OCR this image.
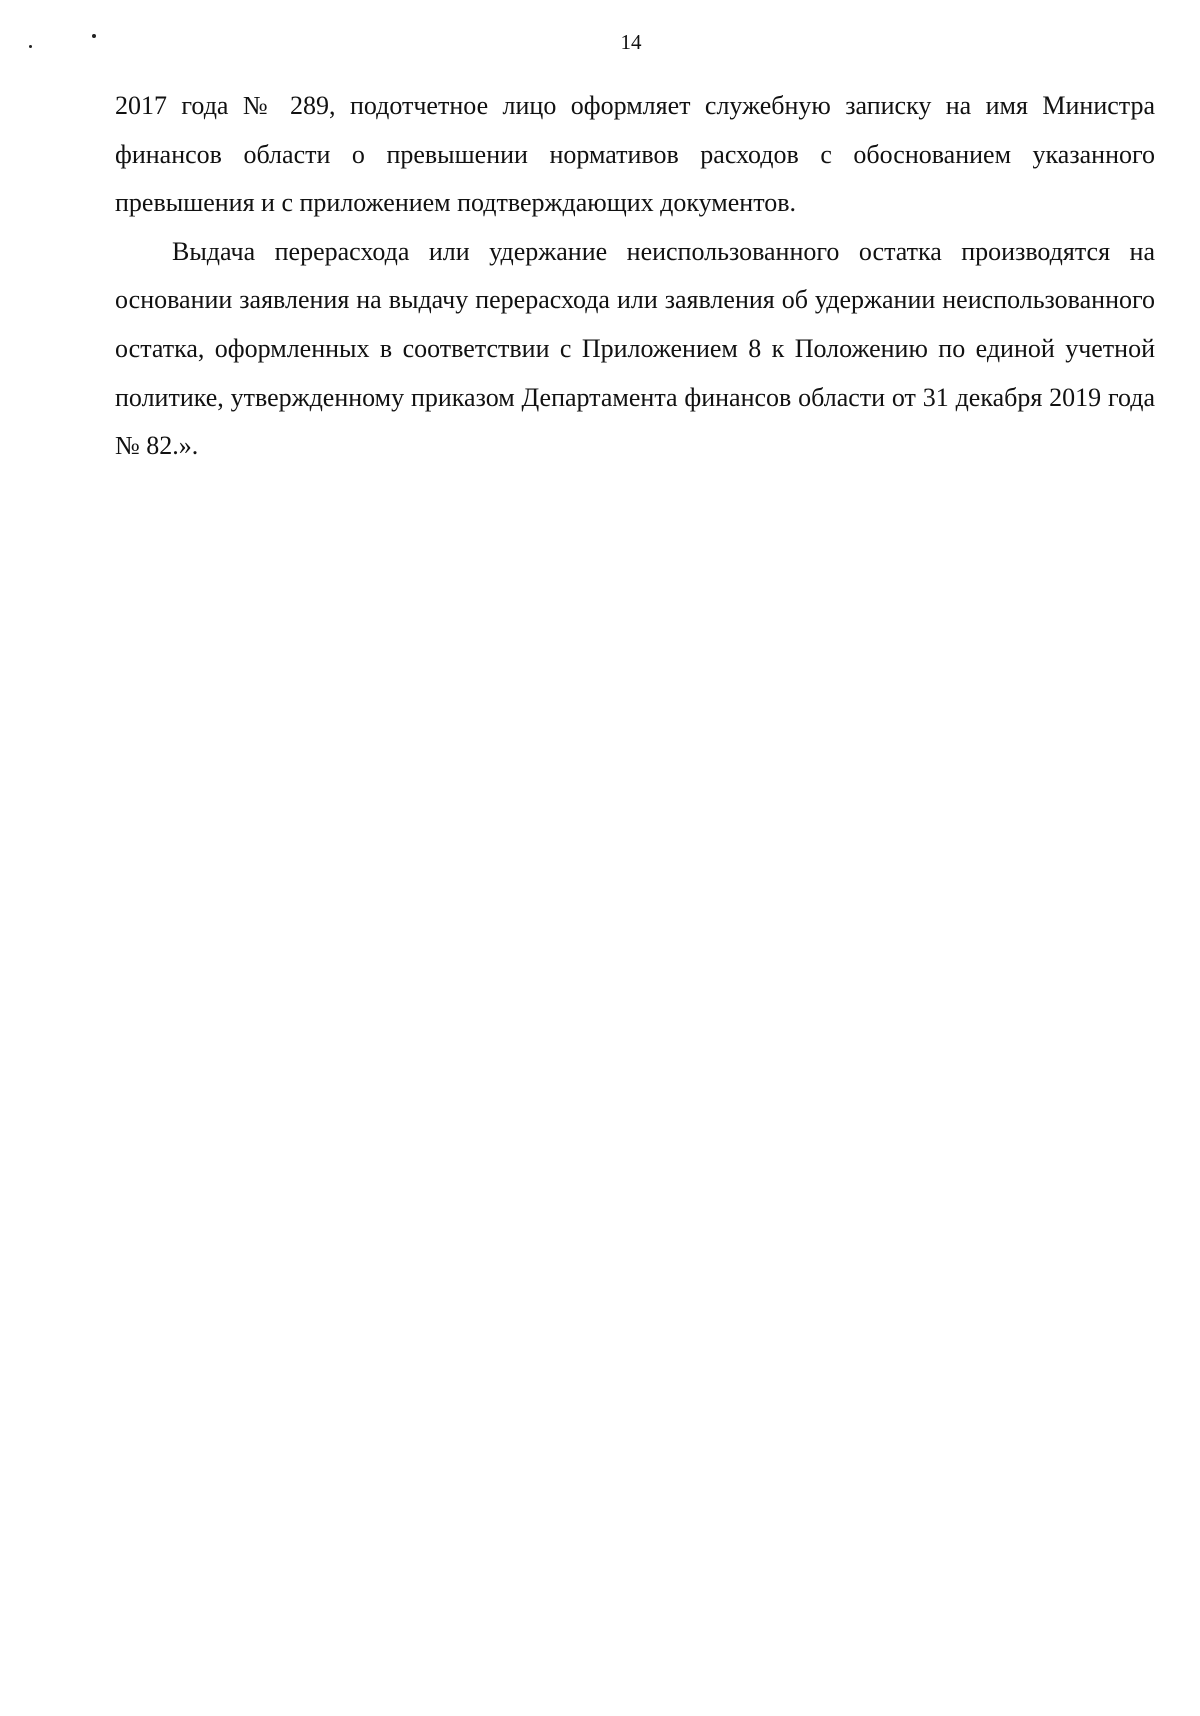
14

2017 года № 289, подотчетное лицо оформляет служебную записку на имя Министра финансов области о превышении нормативов расходов с обоснованием указанного превышения и с приложением подтверждающих документов.

Выдача перерасхода или удержание неиспользованного остатка производятся на основании заявления на выдачу перерасхода или заявления об удержании неиспользованного остатка, оформленных в соответствии с Приложением 8 к Положению по единой учетной политике, утвержденному приказом Департамента финансов области от 31 декабря 2019 года № 82.».
